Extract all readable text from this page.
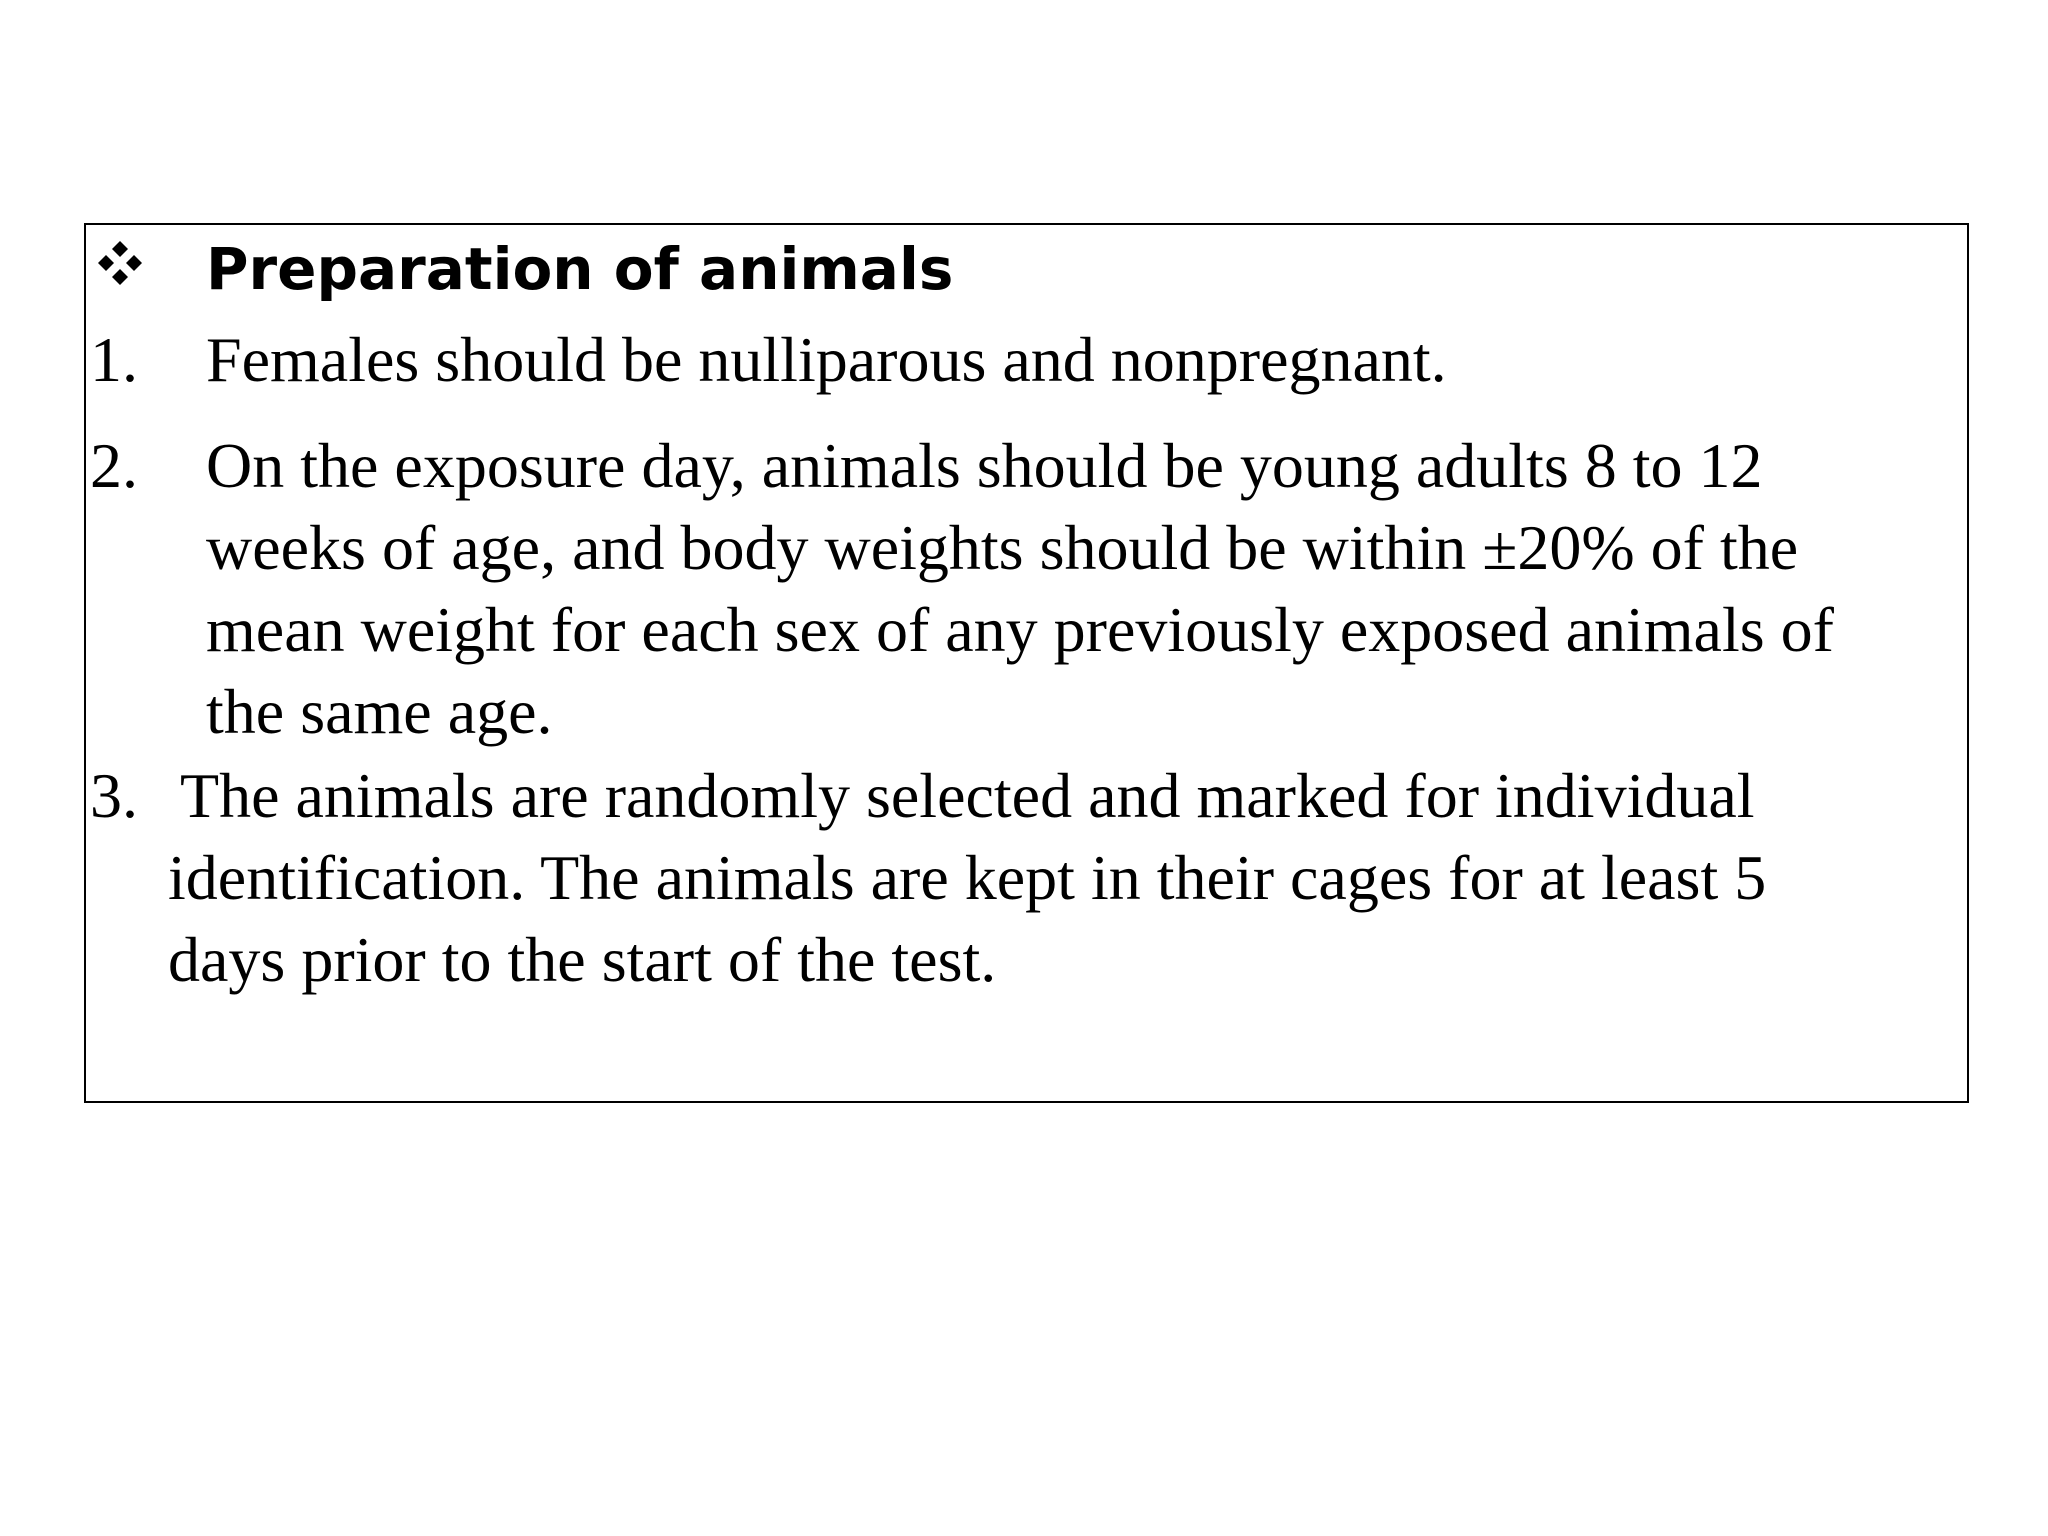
Preparation of animals
1. Females should be nulliparous and nonpregnant.
2. On the exposure day, animals should be young adults 8 to 12
weeks of age, and body weights should be within ±20% of the
mean weight for each sex of any previously exposed animals of
the same age.
3. The animals are randomly selected and marked for individual
identification. The animals are kept in their cages for at least 5
days prior to the start of the test.
